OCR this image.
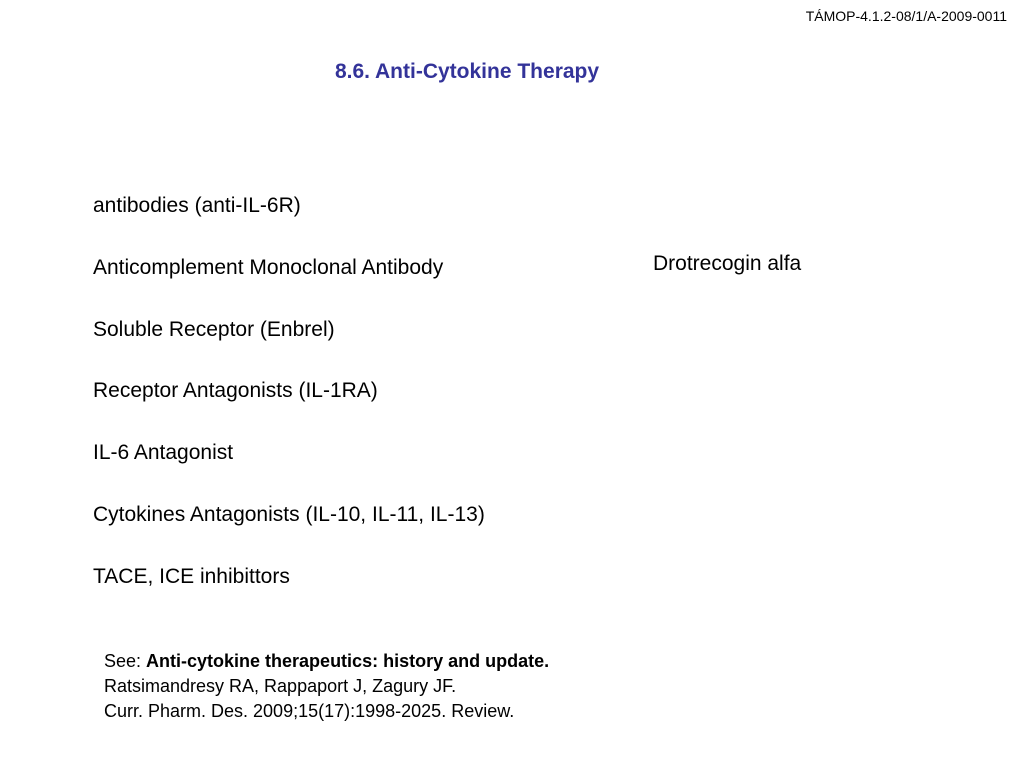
TÁMOP-4.1.2-08/1/A-2009-0011
8.6. Anti-Cytokine Therapy
antibodies (anti-IL-6R)
Anticomplement Monoclonal Antibody
Soluble Receptor (Enbrel)
Receptor Antagonists (IL-1RA)
IL-6 Antagonist
Cytokines Antagonists (IL-10, IL-11, IL-13)
TACE, ICE inhibittors
Drotrecogin alfa
See: Anti-cytokine therapeutics: history and update.
Ratsimandresy RA, Rappaport J, Zagury JF.
Curr. Pharm. Des. 2009;15(17):1998-2025. Review.
